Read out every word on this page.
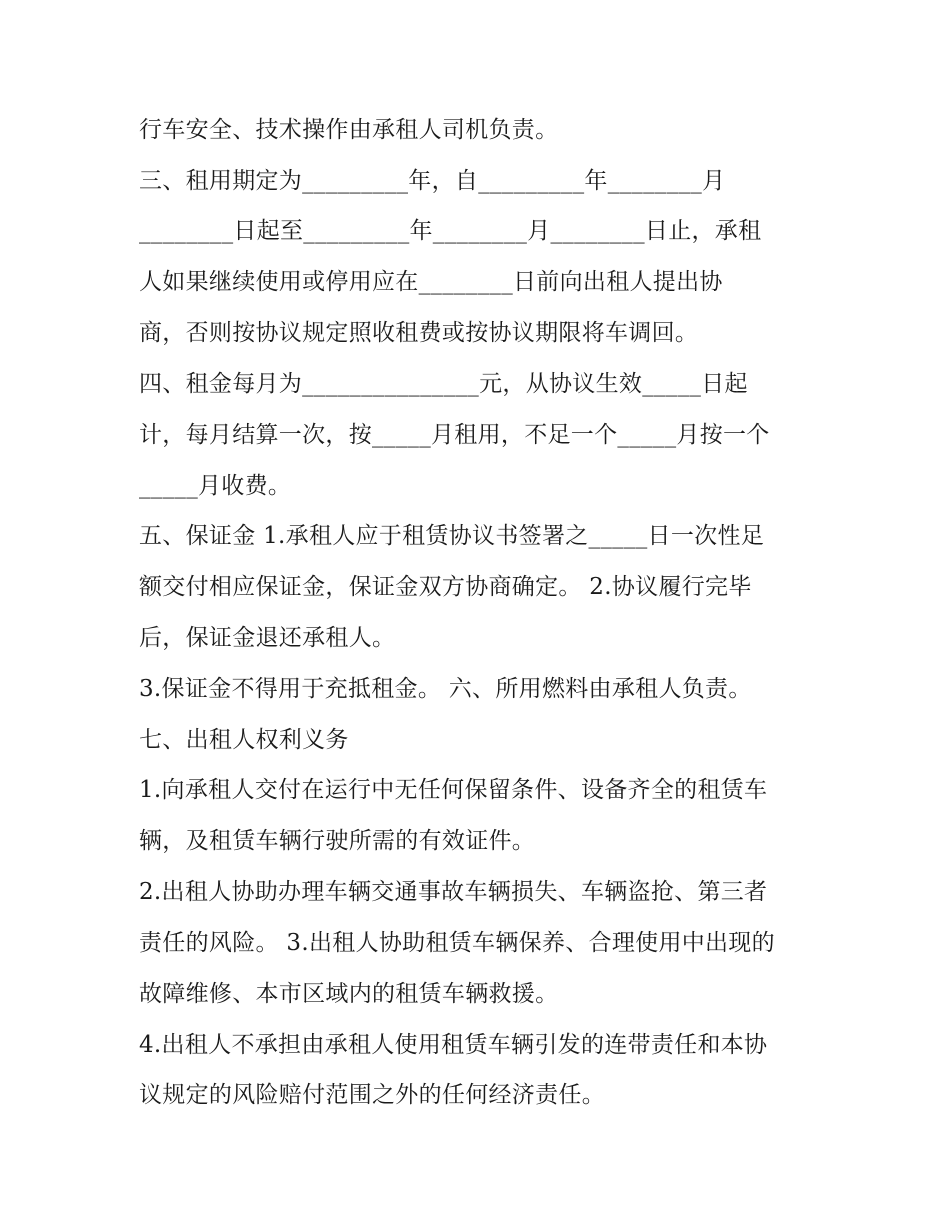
行车安全、技术操作由承租人司机负责。

三、租用期定为_________年，自_________年________月

________日起至_________年________月________日止，承租

人如果继续使用或停用应在________日前向出租人提出协

商，否则按协议规定照收租费或按协议期限将车调回。

四、租金每月为_______________元，从协议生效_____日起

计，每月结算一次，按_____月租用，不足一个_____月按一个

_____月收费。

五、保证金 1.承租人应于租赁协议书签署之_____日一次性足

额交付相应保证金，保证金双方协商确定。 2.协议履行完毕

后，保证金退还承租人。

3.保证金不得用于充抵租金。 六、所用燃料由承租人负责。

七、出租人权利义务

1.向承租人交付在运行中无任何保留条件、设备齐全的租赁车

辆，及租赁车辆行驶所需的有效证件。

2.出租人协助办理车辆交通事故车辆损失、车辆盗抢、第三者

责任的风险。 3.出租人协助租赁车辆保养、合理使用中出现的

故障维修、本市区域内的租赁车辆救援。

4.出租人不承担由承租人使用租赁车辆引发的连带责任和本协

议规定的风险赔付范围之外的任何经济责任。
